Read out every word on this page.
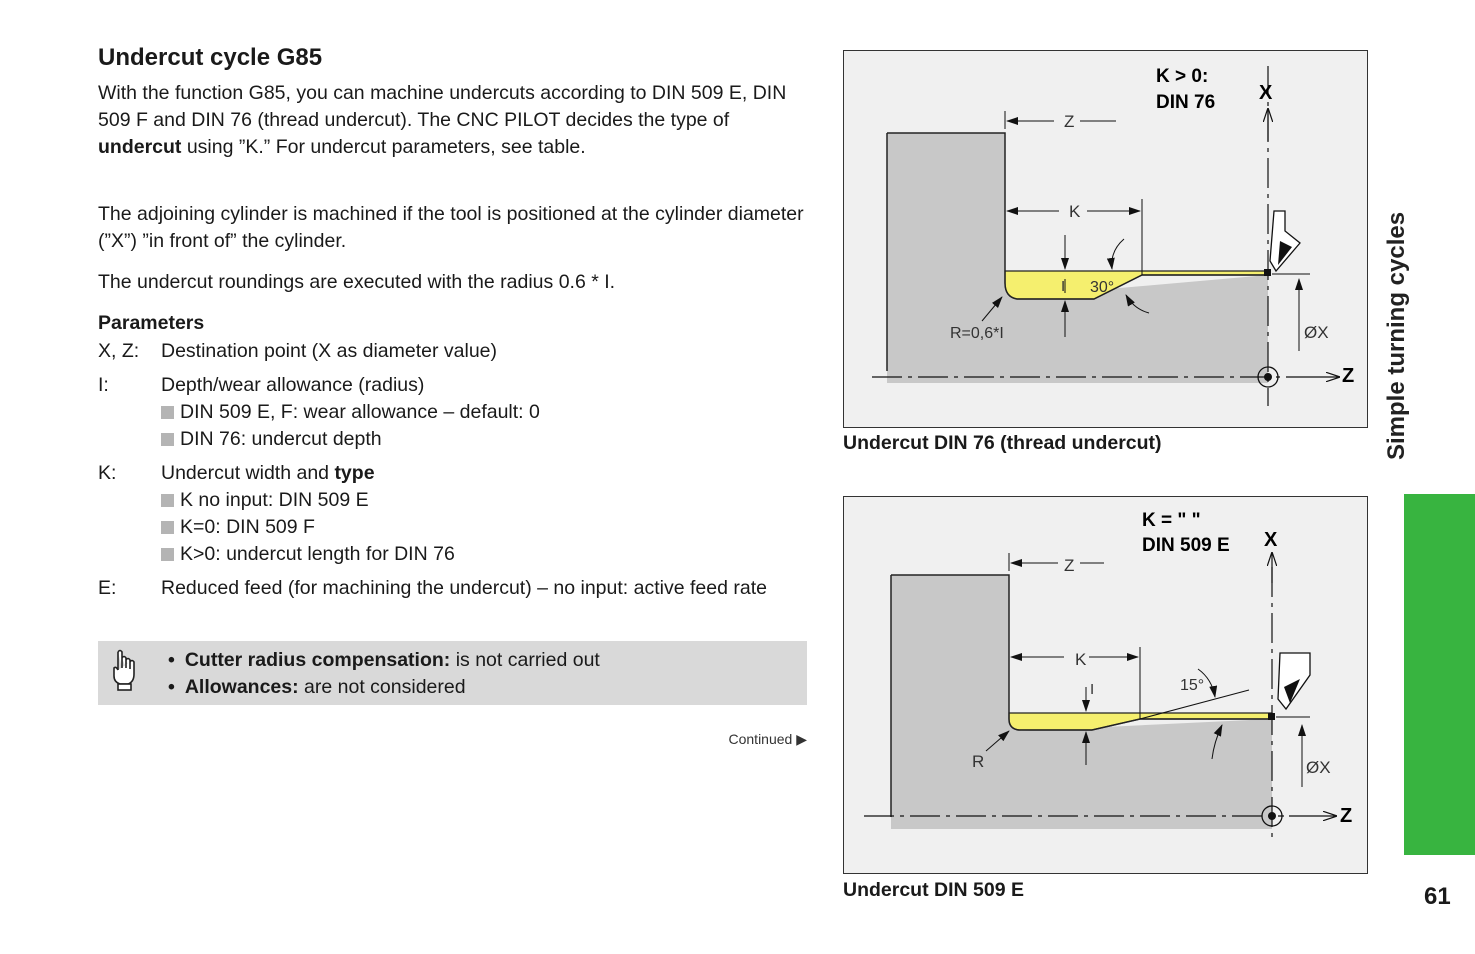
Undercut cycle G85

With the function G85, you can machine undercuts according to DIN 509 E, DIN 509 F and DIN 76 (thread undercut). The CNC PILOT decides the type of undercut using ”K.” For undercut parameters, see table.

The adjoining cylinder is machined if the tool is positioned at the cylinder diameter (”X”) ”in front of” the cylinder.

The undercut roundings are executed with the radius 0.6 * I.

Parameters
X, Z:	Destination point (X as diameter value)
I:	Depth/wear allowance (radius)
DIN 509 E, F: wear allowance – default: 0
DIN 76: undercut depth
K:	Undercut width and type
K no input: DIN 509 E
K=0: DIN 509 F
K>0: undercut length for DIN 76
E:	Reduced feed (for machining the undercut) – no input: active feed rate
• Cutter radius compensation: is not carried out
• Allowances: are not considered
Continued ▶
K > 0:
DIN 76 X
Z
Z
K
I 30°
R=0,6*I	ØX
Undercut DIN 76 (thread undercut)
K = " "
DIN 509 E X
Z
Z
K
I	15°
R	ØX
Undercut DIN 509 E
Simple turning cycles
61
